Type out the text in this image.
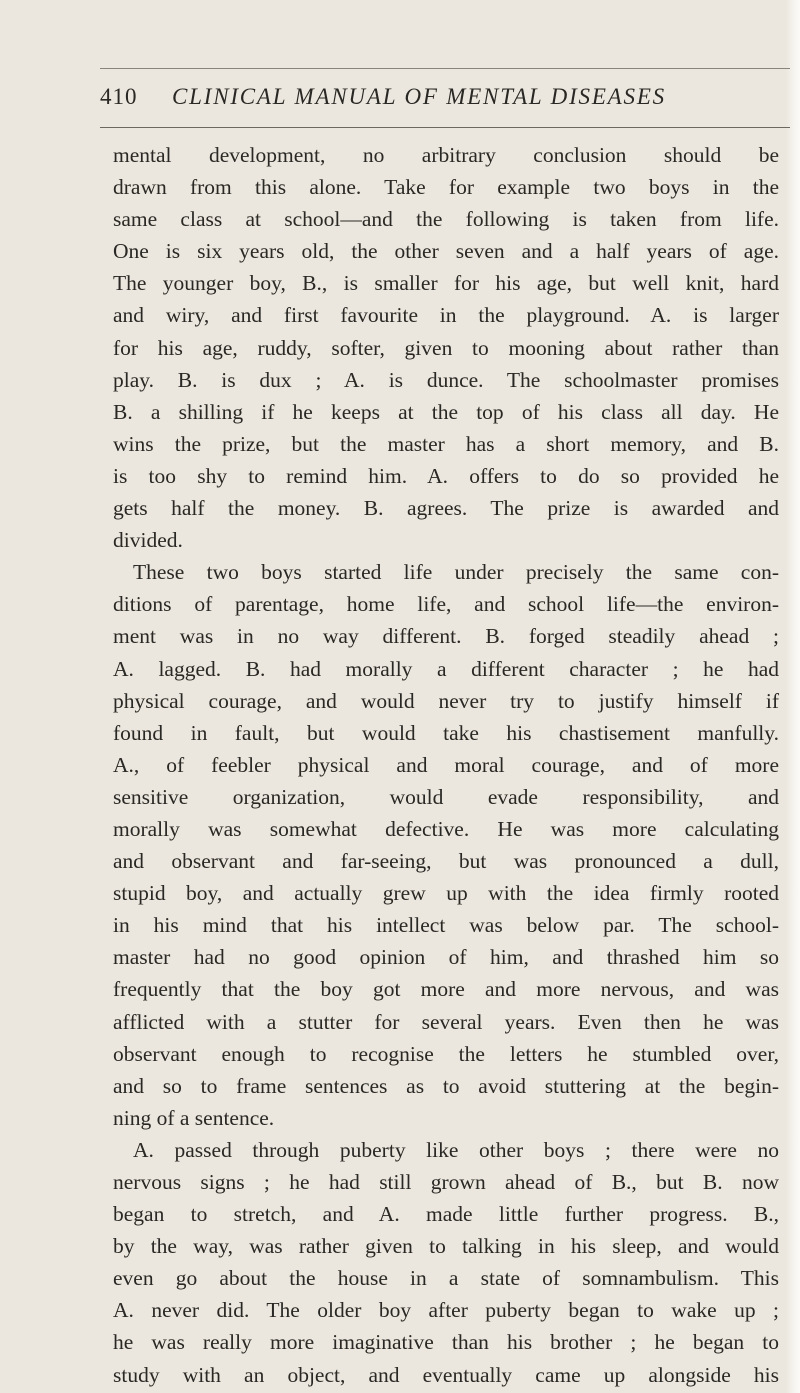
410 CLINICAL MANUAL OF MENTAL DISEASES
mental development, no arbitrary conclusion should be
drawn from this alone. Take for example two boys in the
same class at school—and the following is taken from life.
One is six years old, the other seven and a half years of age.
The younger boy, B., is smaller for his age, but well knit, hard
and wiry, and first favourite in the playground. A. is larger
for his age, ruddy, softer, given to mooning about rather than
play. B. is dux ; A. is dunce. The schoolmaster promises
B. a shilling if he keeps at the top of his class all day. He
wins the prize, but the master has a short memory, and B.
is too shy to remind him. A. offers to do so provided he
gets half the money. B. agrees. The prize is awarded and
divided.
These two boys started life under precisely the same con-
ditions of parentage, home life, and school life—the environ-
ment was in no way different. B. forged steadily ahead ;
A. lagged. B. had morally a different character ; he had
physical courage, and would never try to justify himself if
found in fault, but would take his chastisement manfully.
A., of feebler physical and moral courage, and of more
sensitive organization, would evade responsibility, and
morally was somewhat defective. He was more calculating
and observant and far-seeing, but was pronounced a dull,
stupid boy, and actually grew up with the idea firmly rooted
in his mind that his intellect was below par. The school-
master had no good opinion of him, and thrashed him so
frequently that the boy got more and more nervous, and was
afflicted with a stutter for several years. Even then he was
observant enough to recognise the letters he stumbled over,
and so to frame sentences as to avoid stuttering at the begin-
ning of a sentence.
A. passed through puberty like other boys ; there were no
nervous signs ; he had still grown ahead of B., but B. now
began to stretch, and A. made little further progress. B.,
by the way, was rather given to talking in his sleep, and would
even go about the house in a state of somnambulism. This
A. never did. The older boy after puberty began to wake up ;
he was really more imaginative than his brother ; he began to
study with an object, and eventually came up alongside his
